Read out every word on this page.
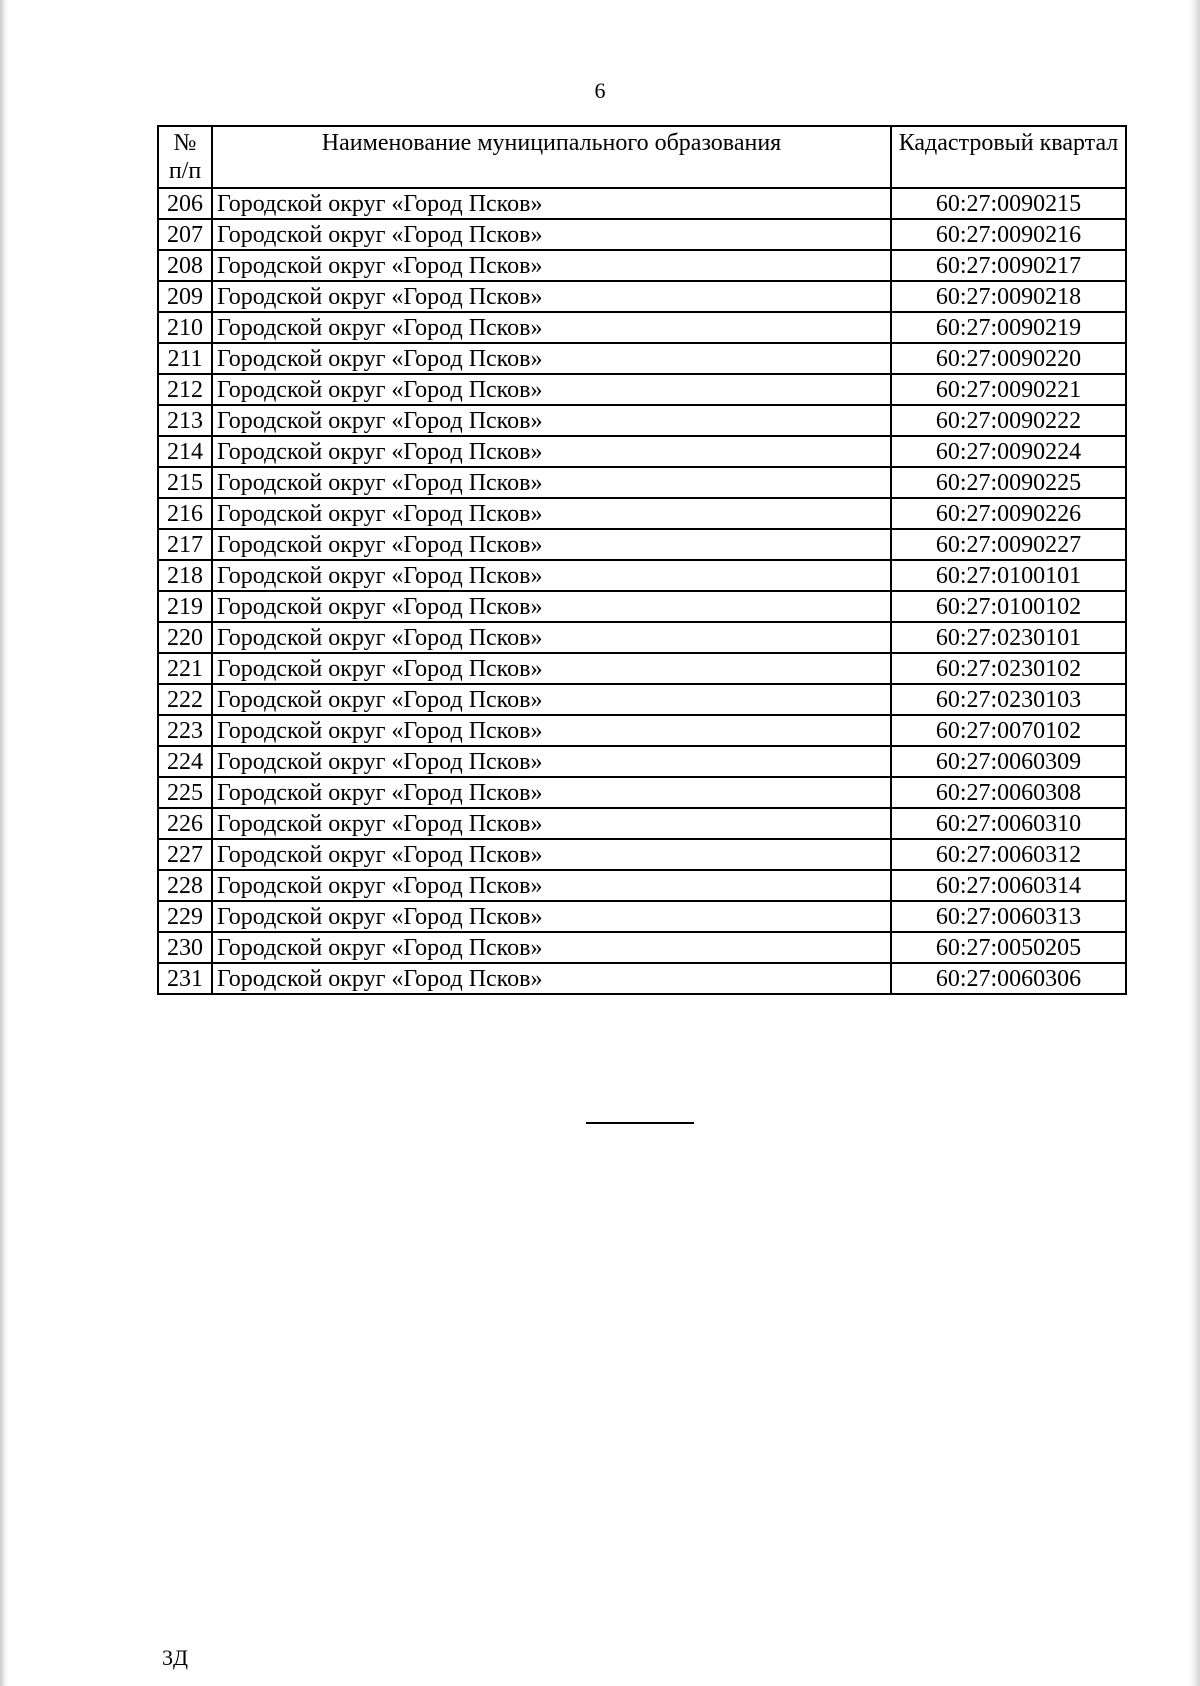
6
№
п/п	Наименование муниципального образования	Кадастровый квартал
206	Городской округ «Город Псков»	60:27:0090215
207	Городской округ «Город Псков»	60:27:0090216
208	Городской округ «Город Псков»	60:27:0090217
209	Городской округ «Город Псков»	60:27:0090218
210	Городской округ «Город Псков»	60:27:0090219
211	Городской округ «Город Псков»	60:27:0090220
212	Городской округ «Город Псков»	60:27:0090221
213	Городской округ «Город Псков»	60:27:0090222
214	Городской округ «Город Псков»	60:27:0090224
215	Городской округ «Город Псков»	60:27:0090225
216	Городской округ «Город Псков»	60:27:0090226
217	Городской округ «Город Псков»	60:27:0090227
218	Городской округ «Город Псков»	60:27:0100101
219	Городской округ «Город Псков»	60:27:0100102
220	Городской округ «Город Псков»	60:27:0230101
221	Городской округ «Город Псков»	60:27:0230102
222	Городской округ «Город Псков»	60:27:0230103
223	Городской округ «Город Псков»	60:27:0070102
224	Городской округ «Город Псков»	60:27:0060309
225	Городской округ «Город Псков»	60:27:0060308
226	Городской округ «Город Псков»	60:27:0060310
227	Городской округ «Город Псков»	60:27:0060312
228	Городской округ «Город Псков»	60:27:0060314
229	Городской округ «Город Псков»	60:27:0060313
230	Городской округ «Город Псков»	60:27:0050205
231	Городской округ «Город Псков»	60:27:0060306
3Д
